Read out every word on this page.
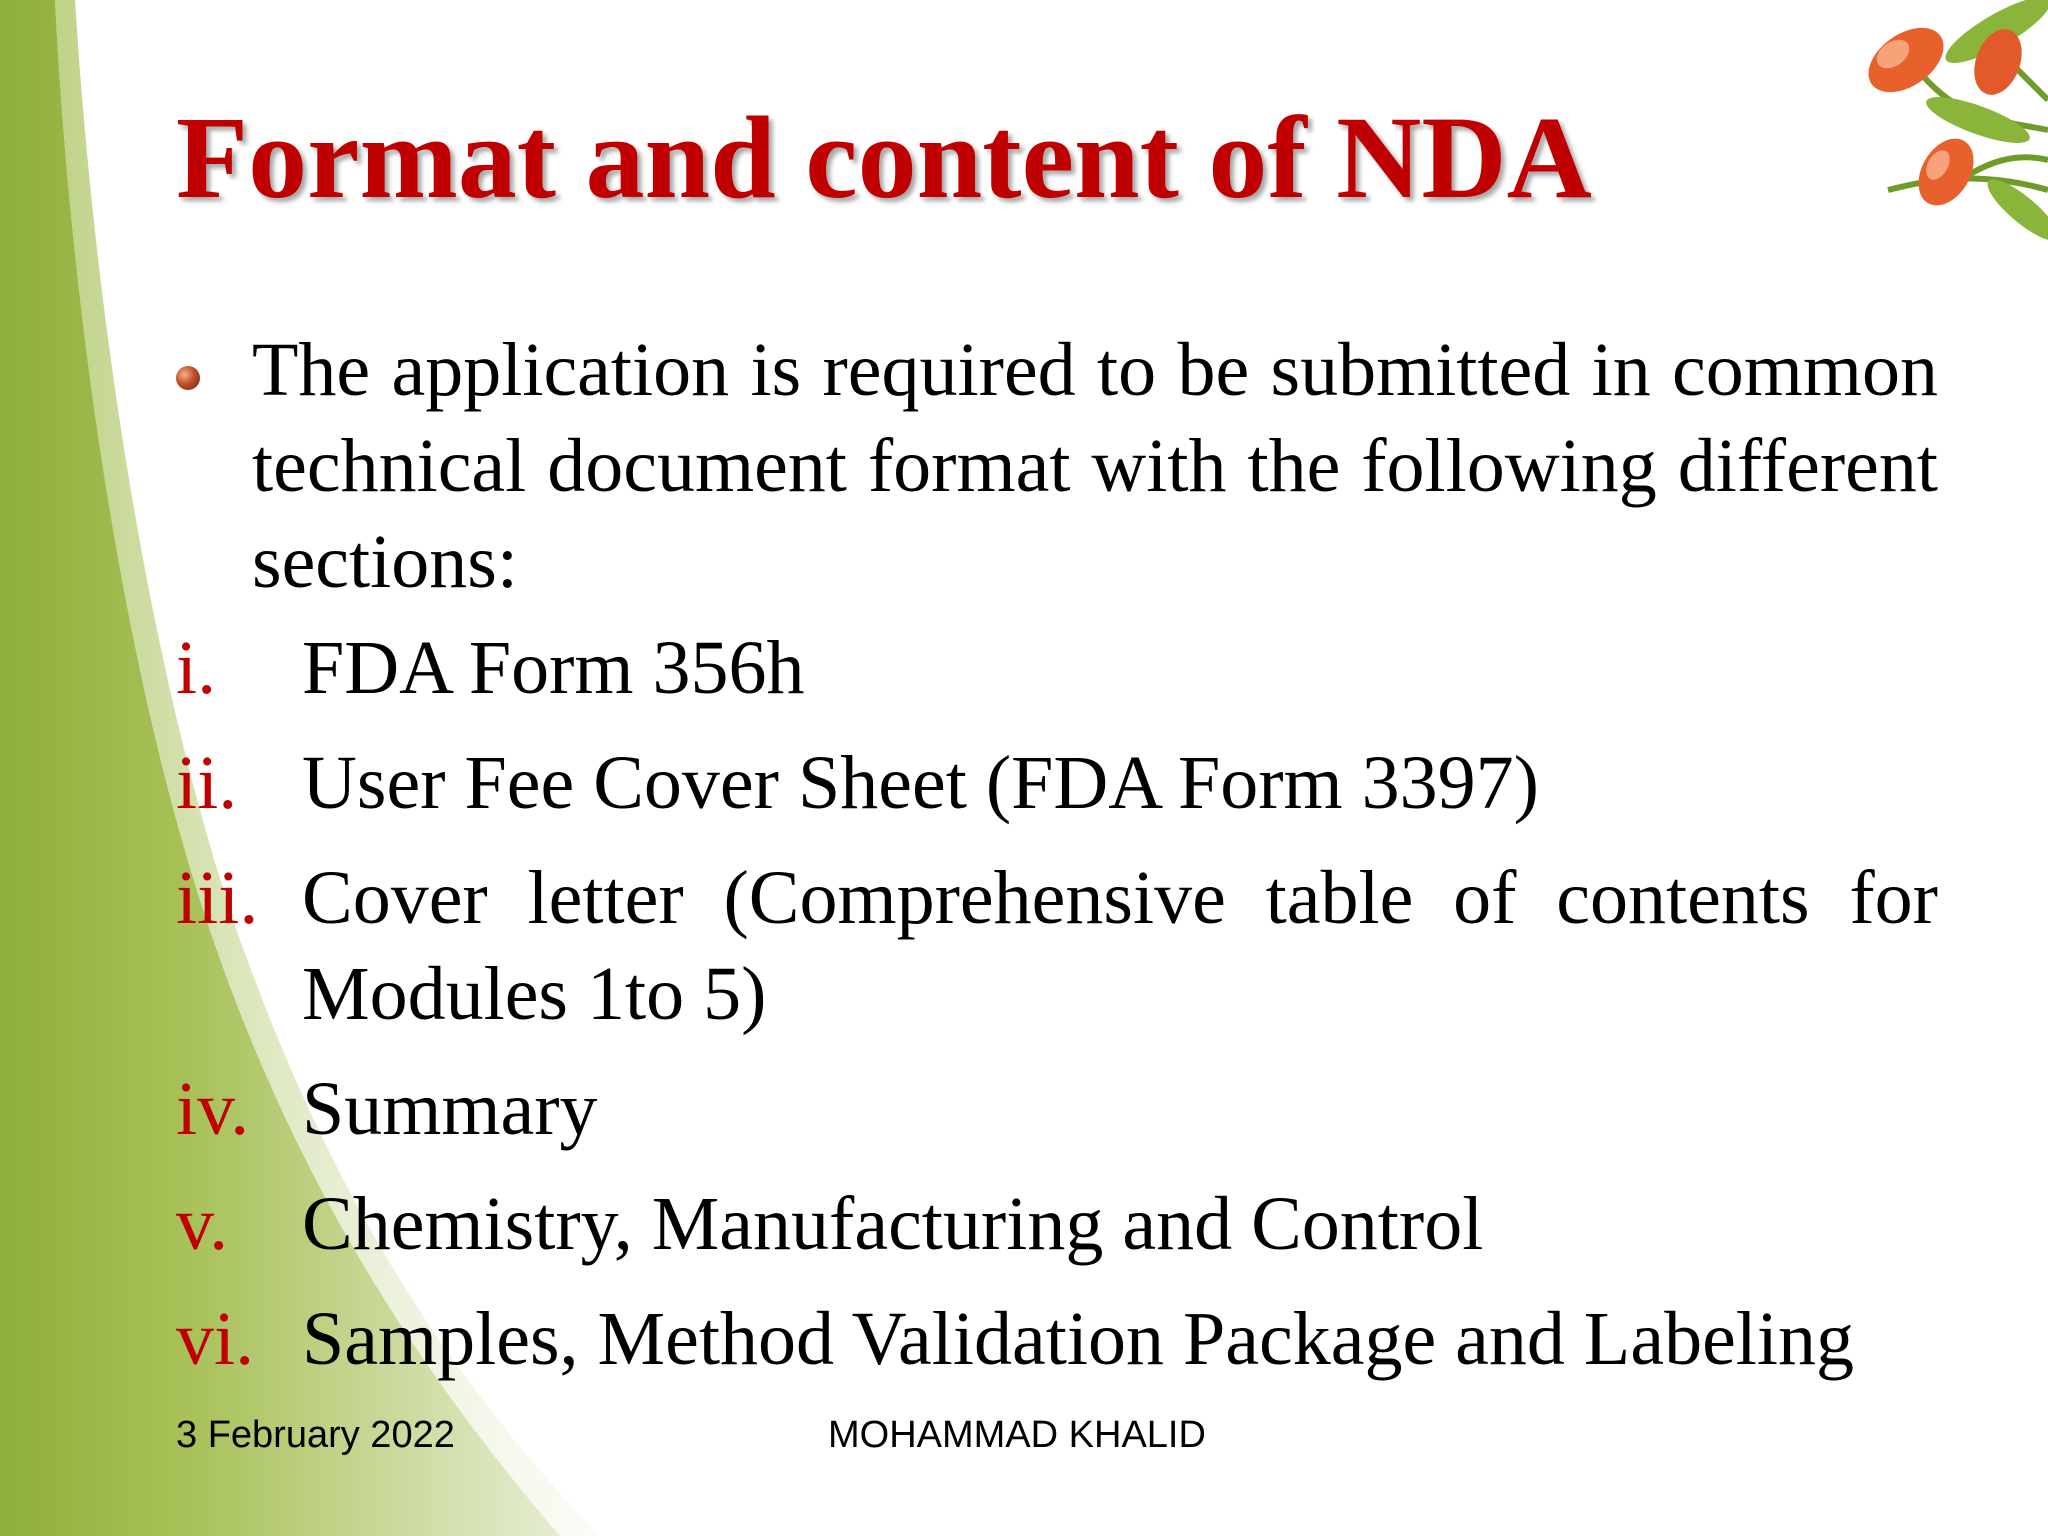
Format and content of NDA

The application is required to be submitted in common technical document format with the following different sections:

i.	FDA Form 356h
ii. User Fee Cover Sheet (FDA Form 3397)
iii. Cover letter (Comprehensive table of contents for Modules 1to 5)
iv. Summary
v. Chemistry, Manufacturing and Control
vi. Samples, Method Validation Package and Labeling

3 February 2022	MOHAMMAD KHALID
